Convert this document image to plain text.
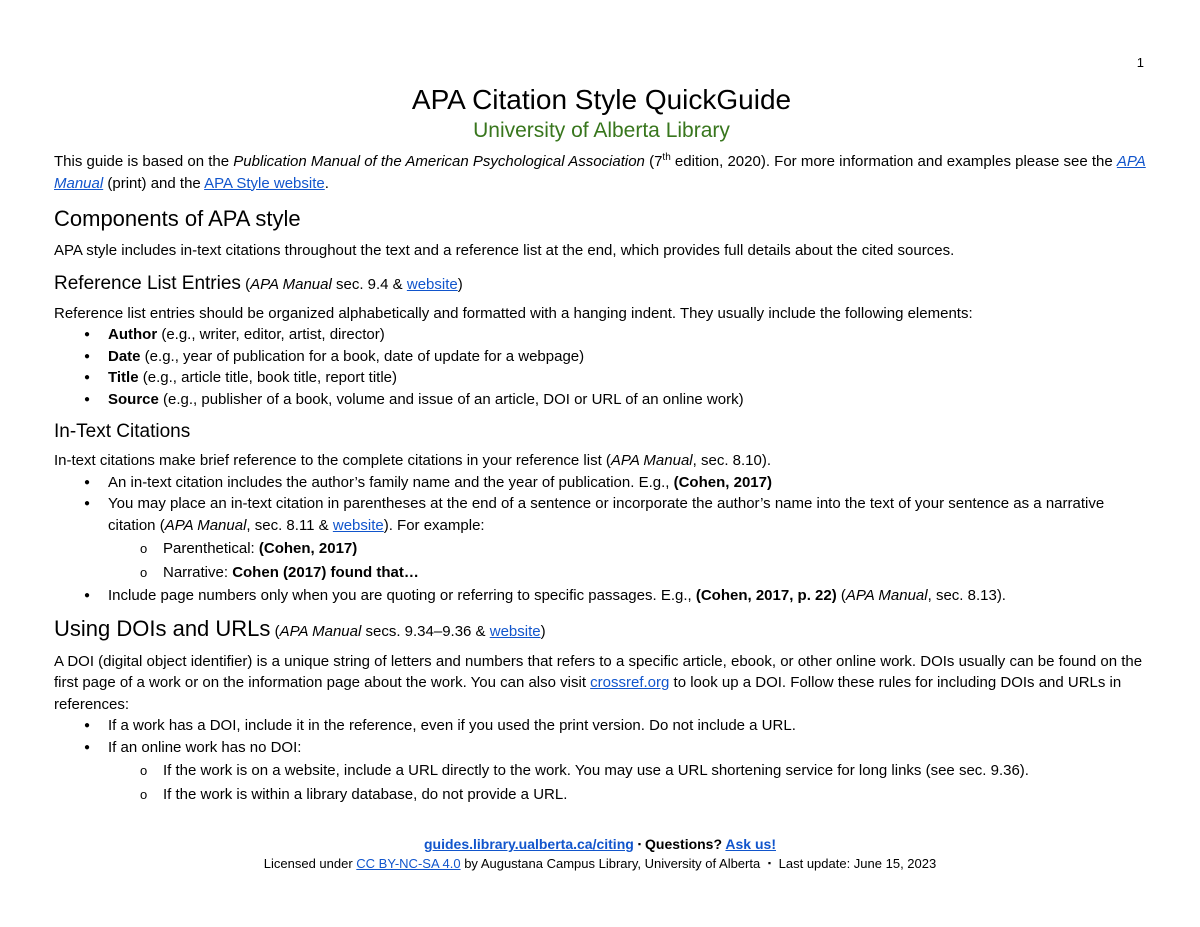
1
APA Citation Style QuickGuide
University of Alberta Library

This guide is based on the Publication Manual of the American Psychological Association (7th edition, 2020). For more information and examples please see the APA Manual (print) and the APA Style website.

Components of APA style

APA style includes in-text citations throughout the text and a reference list at the end, which provides full details about the cited sources.

Reference List Entries (APA Manual sec. 9.4 & website)

Reference list entries should be organized alphabetically and formatted with a hanging indent. They usually include the following elements:

● Author (e.g., writer, editor, artist, director)
● Date (e.g., year of publication for a book, date of update for a webpage)
● Title (e.g., article title, book title, report title)
● Source (e.g., publisher of a book, volume and issue of an article, DOI or URL of an online work)
In-Text Citations

In-text citations make brief reference to the complete citations in your reference list (APA Manual, sec. 8.10).

● An in-text citation includes the author’s family name and the year of publication. E.g., (Cohen, 2017)
● You may place an in-text citation in parentheses at the end of a sentence or incorporate the author’s name into the text of your sentence as a narrative citation (APA Manual, sec. 8.11 & website). For example:
o Parenthetical: (Cohen, 2017)
o Narrative: Cohen (2017) found that…
● Include page numbers only when you are quoting or referring to specific passages. E.g., (Cohen, 2017, p. 22) (APA Manual, sec. 8.13).
Using DOIs and URLs (APA Manual secs. 9.34–9.36 & website)

A DOI (digital object identifier) is a unique string of letters and numbers that refers to a specific article, ebook, or other online work. DOIs usually can be found on the first page of a work or on the information page about the work. You can also visit crossref.org to look up a DOI. Follow these rules for including DOIs and URLs in references:

● If a work has a DOI, include it in the reference, even if you used the print version. Do not include a URL.
● If an online work has no DOI:
o If the work is on a website, include a URL directly to the work. You may use a URL shortening service for long links (see sec. 9.36).
o If the work is within a library database, do not provide a URL.
guides.library.ualberta.ca/citing ▪ Questions? Ask us!
Licensed under CC BY-NC-SA 4.0 by Augustana Campus Library, University of Alberta ▪ Last update: June 15, 2023
